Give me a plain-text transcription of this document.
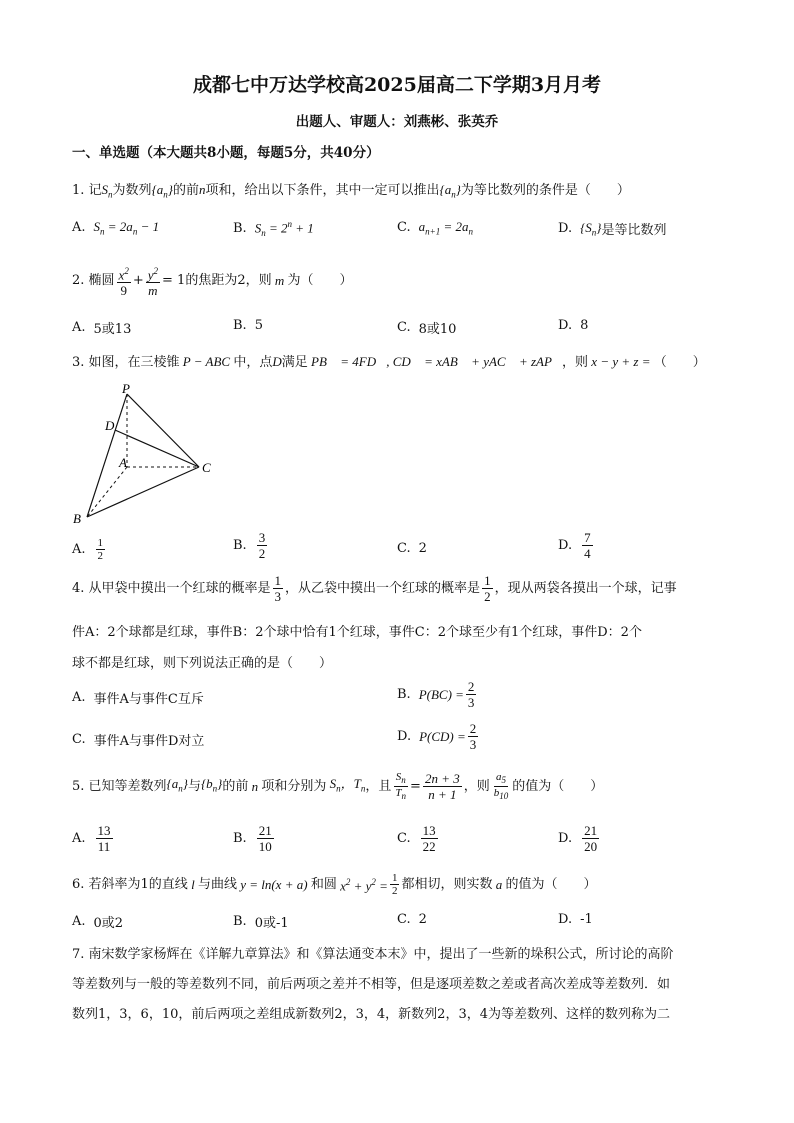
成都七中万达学校高2025届高二下学期3月月考
出题人、审题人：刘燕彬、张英乔
一、单选题（本大题共8小题，每题5分，共40分）
1. 记$S_n$为数列$\{a_n\}$的前n项和，给出以下条件，其中一定可以推出$\{a_n\}$为等比数列的条件是（　　）
A. $S_n = 2a_n - 1$	B. $S_n = 2^n + 1$	C. $a_{n+1} = 2a_n$	D. $\{S_n\}$ 是等比数列
2. 椭圆 $\frac{x^2}{9} + \frac{y^2}{m} = 1$ 的焦距为2，则 m 为（　　）
A. 5或13	B. 5	C. 8或10	D. 8
3. 如图，在三棱锥 P − ABC 中，点D满足 PB⃗ = 4FD⃗, CD⃗ = xAB⃗ + yAC⃗ + zAP⃗，则 x − y + z = （　　）
P
D
A	C
B
A. $\frac{1}{2}$	B. $\frac{3}{2}$	C. 2	D. $\frac{7}{4}$
4. 从甲袋中摸出一个红球的概率是 $\frac{1}{3}$ ，从乙袋中摸出一个红球的概率是 $\frac{1}{2}$ ，现从两袋各摸出一个球，记事
件A：2个球都是红球，事件B：2个球中恰有1个红球，事件C：2个球至少有1个红球，事件D：2个
球不都是红球，则下列说法正确的是（　　）
A. 事件A与事件C互斥	B. $P(BC) = \frac{2}{3}$
C. 事件A与事件D对立	D. $P(CD) = \frac{2}{3}$
5. 已知等差数列 $\{a_n\}$ 与 $\{b_n\}$ 的前 n 项和分别为 $S_n$，$T_n$ ，且 $\frac{S_n}{T_n} = \frac{2n + 3}{n + 1}$ ，则 $\frac{a_5}{b_{10}}$ 的值为（　　）
A. $\frac{13}{11}$	B. $\frac{21}{10}$	C. $\frac{13}{22}$	D. $\frac{21}{20}$
6. 若斜率为1的直线 l 与曲线 y = ln(x + a) 和圆 $x^2 + y^2 = \frac{1}{2}$ 都相切，则实数 a 的值为（　　）
A. 0或2	B. 0或-1	C. 2	D. -1
7. 南宋数学家杨辉在《详解九章算法》和《算法通变本末》中，提出了一些新的垛积公式，所讨论的高阶
等差数列与一般的等差数列不同，前后两项之差并不相等，但是逐项差数之差或者高次差成等差数列．如
数列1，3，6，10，前后两项之差组成新数列2，3，4，新数列2，3，4为等差数列、这样的数列称为二
